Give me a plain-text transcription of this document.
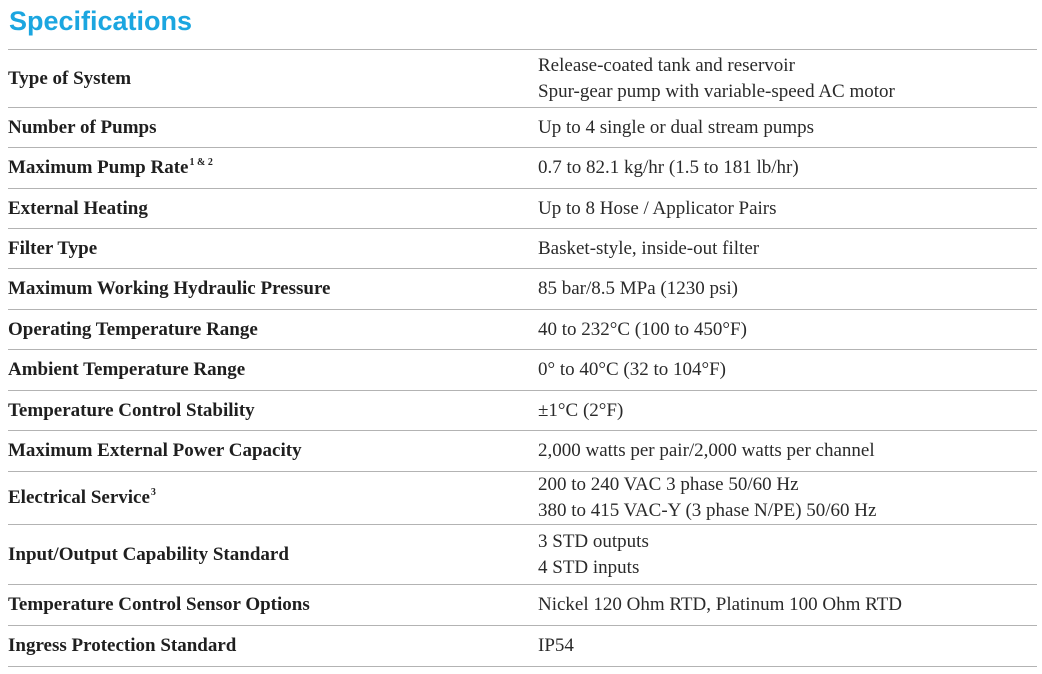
Specifications
Type of System	Release-coated tank and reservoir
Spur-gear pump with variable-speed AC motor

Number of Pumps	Up to 4 single or dual stream pumps

Maximum Pump Rate$^{1 \& 2}$	0.7 to 82.1 kg/hr (1.5 to 181 lb/hr)

External Heating	Up to 8 Hose / Applicator Pairs

Filter Type	Basket-style, inside-out filter

Maximum Working Hydraulic Pressure	85 bar/8.5 MPa (1230 psi)

Operating Temperature Range	40 to 232°C (100 to 450°F)

Ambient Temperature Range	0° to 40°C (32 to 104°F)

Temperature Control Stability	±1°C (2°F)

Maximum External Power Capacity	2,000 watts per pair/2,000 watts per channel

Electrical Service$^3$	200 to 240 VAC 3 phase 50/60 Hz
380 to 415 VAC-Y (3 phase N/PE) 50/60 Hz

Input/Output Capability Standard	3 STD outputs
4 STD inputs

Temperature Control Sensor Options	Nickel 120 Ohm RTD, Platinum 100 Ohm RTD

Ingress Protection Standard	IP54
